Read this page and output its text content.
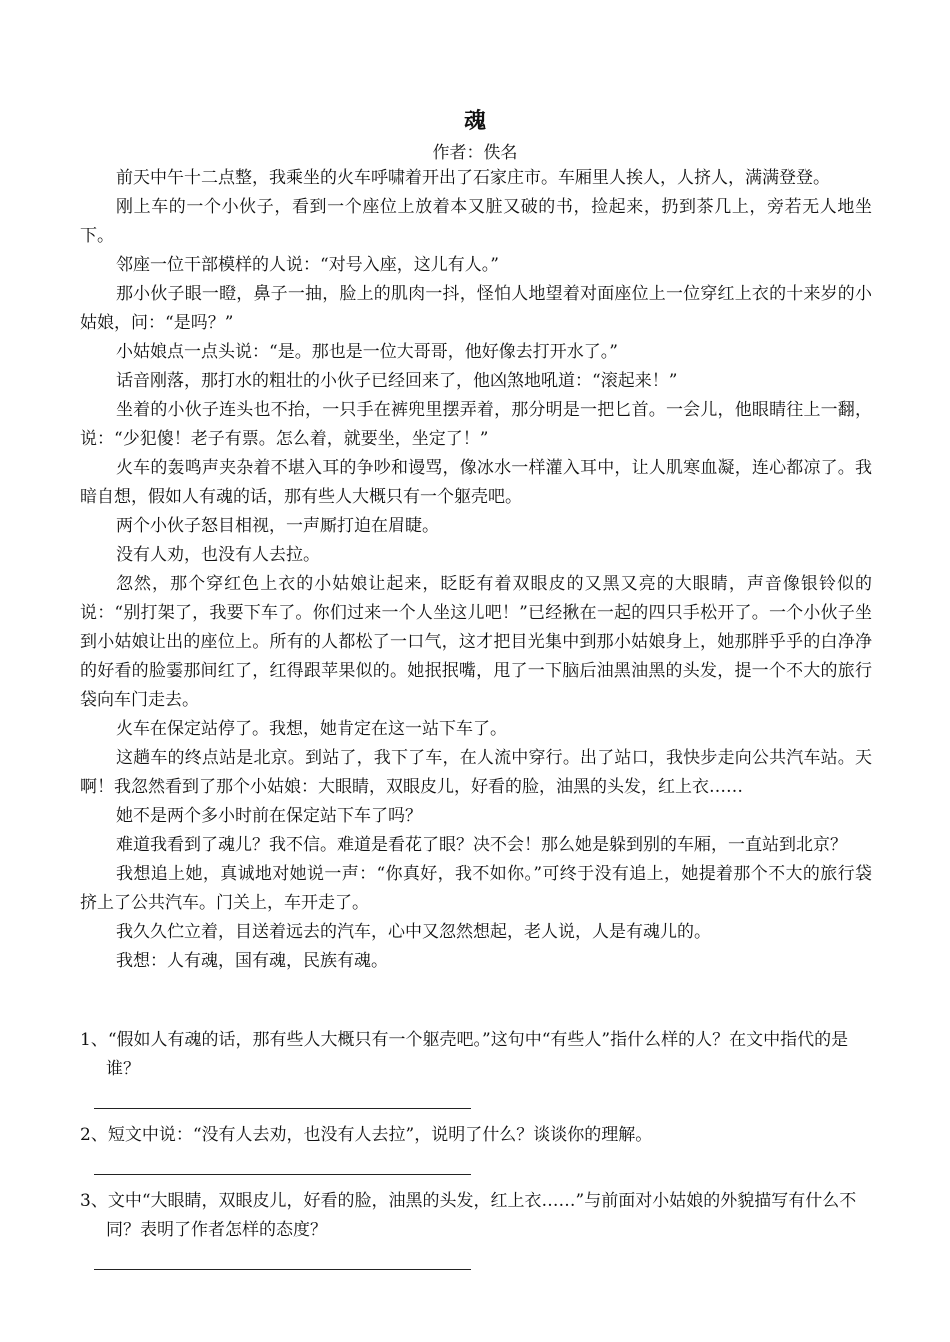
魂
作者：佚名

前天中午十二点整，我乘坐的火车呼啸着开出了石家庄市。车厢里人挨人，人挤人，满满登登。

刚上车的一个小伙子，看到一个座位上放着本又脏又破的书，捡起来，扔到茶几上，旁若无人地坐下。

邻座一位干部模样的人说：“对号入座，这儿有人。”

那小伙子眼一瞪，鼻子一抽，脸上的肌肉一抖，怪怕人地望着对面座位上一位穿红上衣的十来岁的小姑娘，问：“是吗？”

小姑娘点一点头说：“是。那也是一位大哥哥，他好像去打开水了。”

话音刚落，那打水的粗壮的小伙子已经回来了，他凶煞地吼道：“滚起来！”

坐着的小伙子连头也不抬，一只手在裤兜里摆弄着，那分明是一把匕首。一会儿，他眼睛往上一翻，说：“少犯傻！老子有票。怎么着，就要坐，坐定了！”

火车的轰鸣声夹杂着不堪入耳的争吵和谩骂，像冰水一样灌入耳中，让人肌寒血凝，连心都凉了。我暗自想，假如人有魂的话，那有些人大概只有一个躯壳吧。

两个小伙子怒目相视，一声厮打迫在眉睫。

没有人劝，也没有人去拉。

忽然，那个穿红色上衣的小姑娘让起来，眨眨有着双眼皮的又黑又亮的大眼睛，声音像银铃似的说：“别打架了，我要下车了。你们过来一个人坐这儿吧！”已经揪在一起的四只手松开了。一个小伙子坐到小姑娘让出的座位上。所有的人都松了一口气，这才把目光集中到那小姑娘身上，她那胖乎乎的白净净的好看的脸霎那间红了，红得跟苹果似的。她抿抿嘴，甩了一下脑后油黑油黑的头发，提一个不大的旅行袋向车门走去。

火车在保定站停了。我想，她肯定在这一站下车了。

这趟车的终点站是北京。到站了，我下了车，在人流中穿行。出了站口，我快步走向公共汽车站。天啊！我忽然看到了那个小姑娘：大眼睛，双眼皮儿，好看的脸，油黑的头发，红上衣……

她不是两个多小时前在保定站下车了吗？

难道我看到了魂儿？我不信。难道是看花了眼？决不会！那么她是躲到别的车厢，一直站到北京？

我想追上她，真诚地对她说一声：“你真好，我不如你。”可终于没有追上，她提着那个不大的旅行袋挤上了公共汽车。门关上，车开走了。

我久久伫立着，目送着远去的汽车，心中又忽然想起，老人说，人是有魂儿的。

我想：人有魂，国有魂，民族有魂。

1、“假如人有魂的话，那有些人大概只有一个躯壳吧。”这句中“有些人”指什么样的人？在文中指代的是谁？

2、短文中说：“没有人去劝，也没有人去拉”，说明了什么？谈谈你的理解。

3、文中“大眼睛，双眼皮儿，好看的脸，油黑的头发，红上衣……”与前面对小姑娘的外貌描写有什么不同？表明了作者怎样的态度？
